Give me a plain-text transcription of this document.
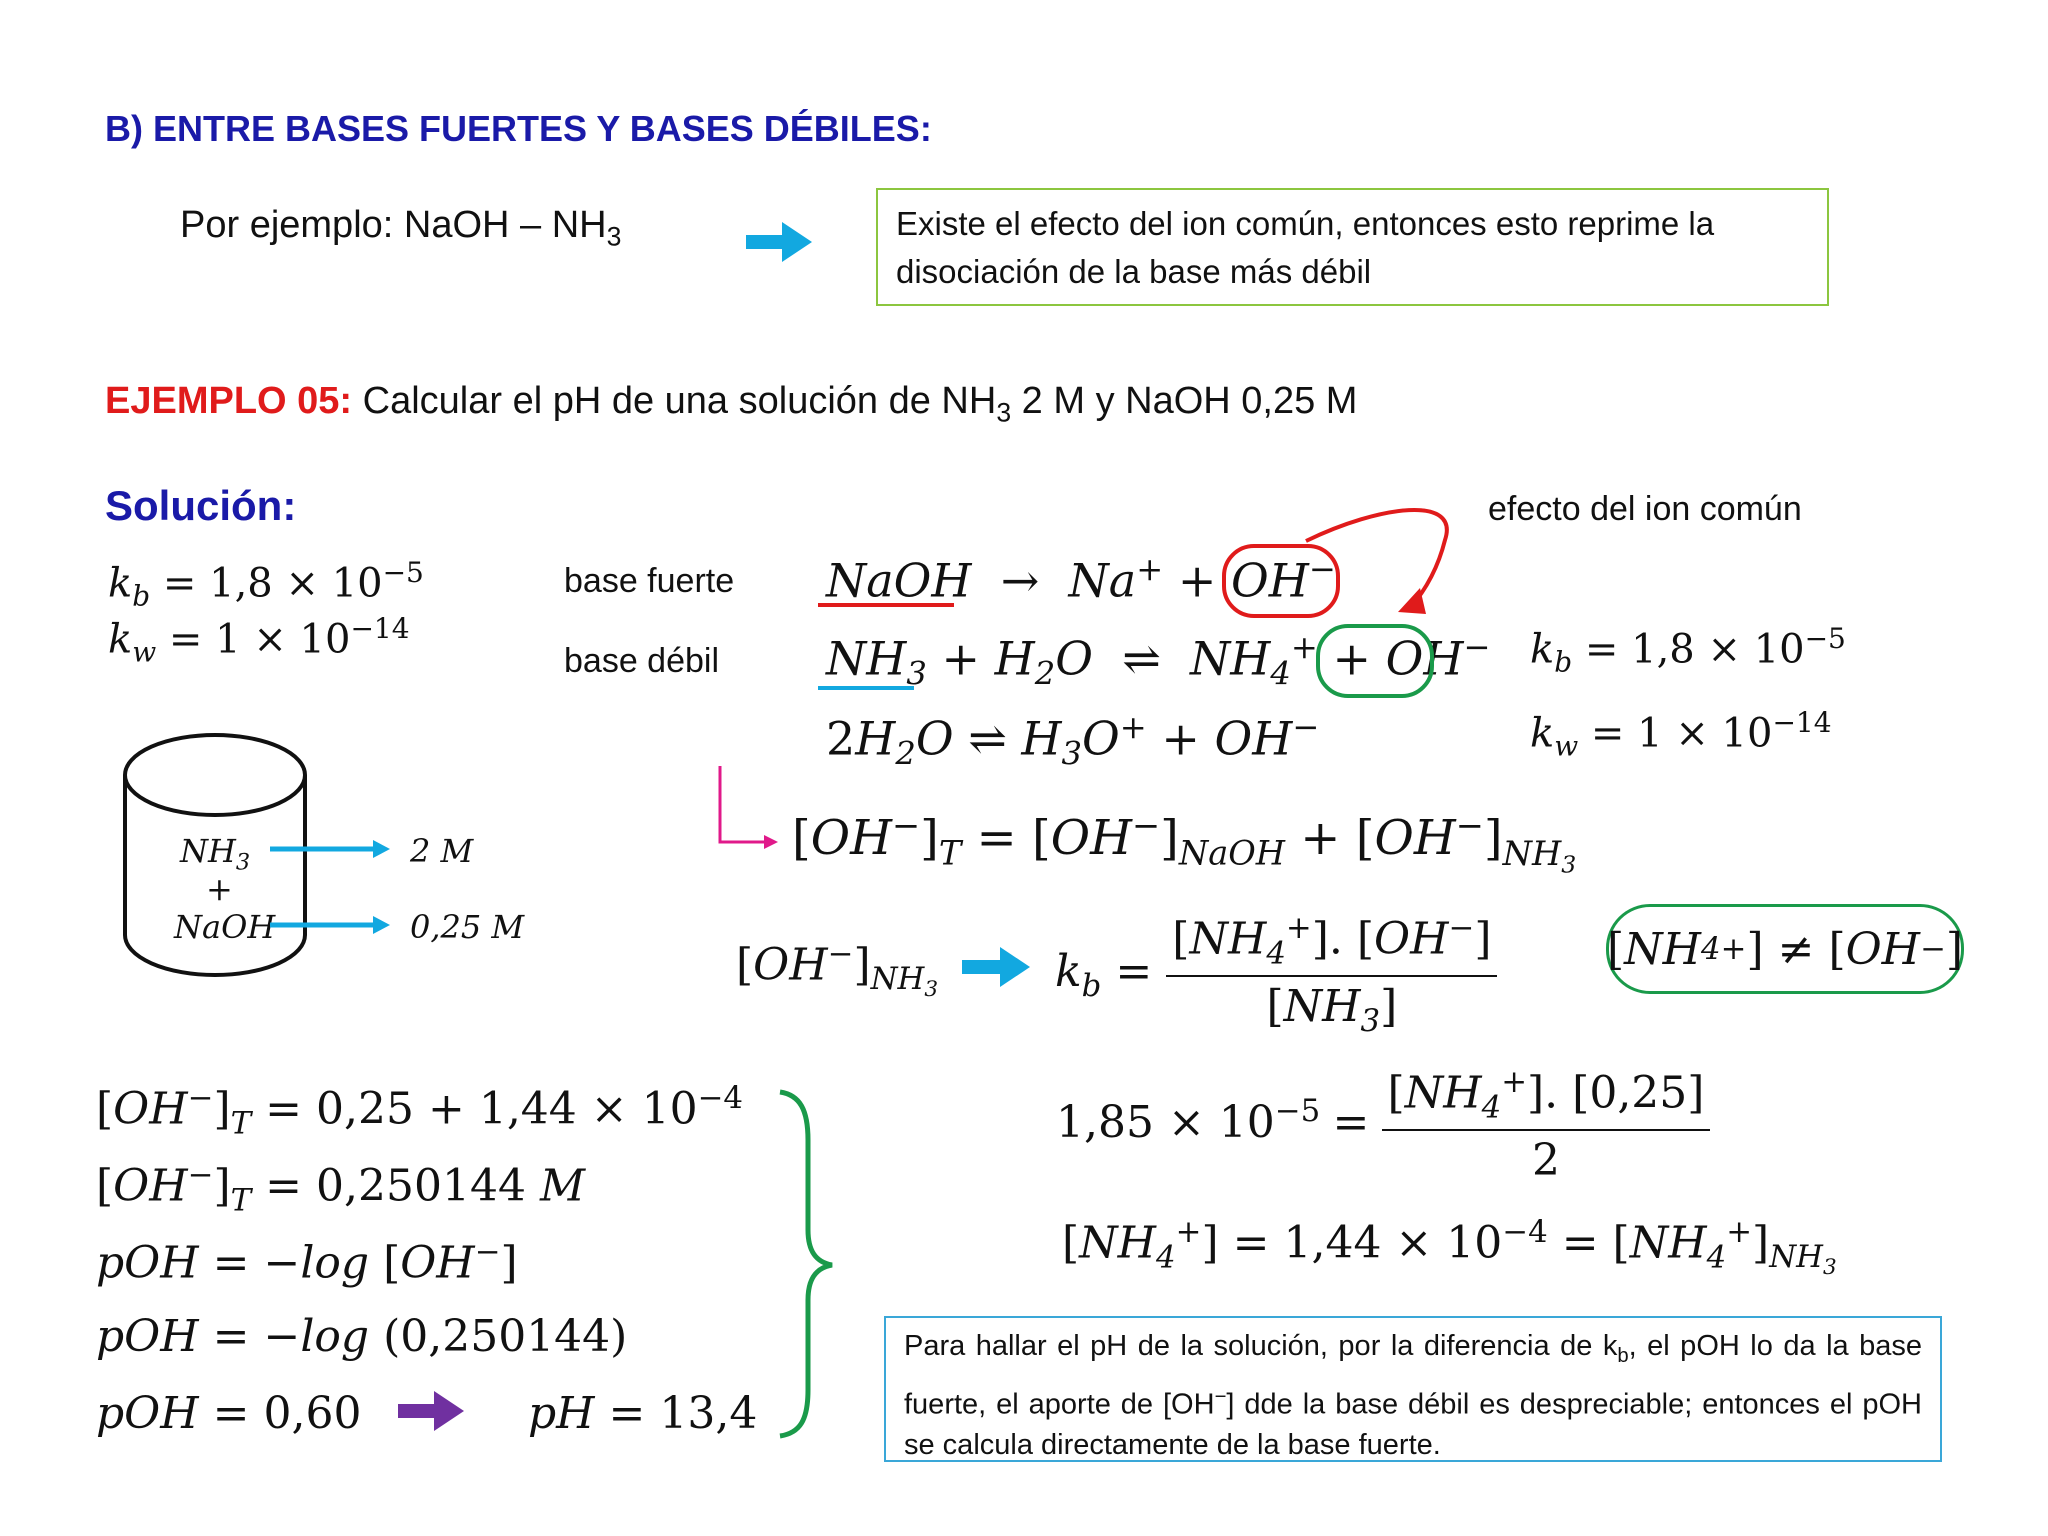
B) ENTRE BASES FUERTES Y BASES DÉBILES:
Por ejemplo: NaOH – $NH_3$	Existe el efecto del ion común, entonces esto reprime la disociación de la base más débil
EJEMPLO 05: Calcular el pH de una solución de $NH_3$ 2 M y NaOH 0,25 M
Solución:
$k_b = 1,8 \times 10^{-5}$
$k_w = 1 \times 10^{-14}$
efecto del ion común
base fuerte
base débil
NaOH  →  Na+ + OH−
$NH_3 + H_2O$  ⇌  $NH_4^+ + OH^-$
$2H_2O$ ⇌ $H_3O^+ + OH^-$
$k_b = 1,8 \times 10^{-5}$
$k_w = 1 \times 10^{-14}$
$[OH^-]_T = [OH^-]_{NaOH} + [OH^-]_{NH_3}$
$[OH^-]_{NH_3}$	$k_b = \frac{[NH_4^+]. [OH^-]}{[NH_3]}$ [ NH 4 + ] ≠ [ OH − ]
$[OH^-]_T = 0,25 + 1,44 \times 10^{-4}$
$[OH^-]_T = 0,250144$ M
pOH = −log [OH−]
pOH = −log (0,250144)
pOH = 0,60	pH = 13,4
$1,85 \times 10^{-5} = \frac{[NH_4^+]. [0,25]}{2}$
$[NH_4^+] = 1,44 \times 10^{-4} = [NH_4^+]_{NH_3}$
Para hallar el pH de la solución, por la diferencia de $k_b$, el pOH lo da la base fuerte, el aporte de [OH−] dde la base débil es despreciable; entonces el pOH se calcula directamente de la base fuerte.
$NH_3$
+
NaOH
2 M
0,25 M
